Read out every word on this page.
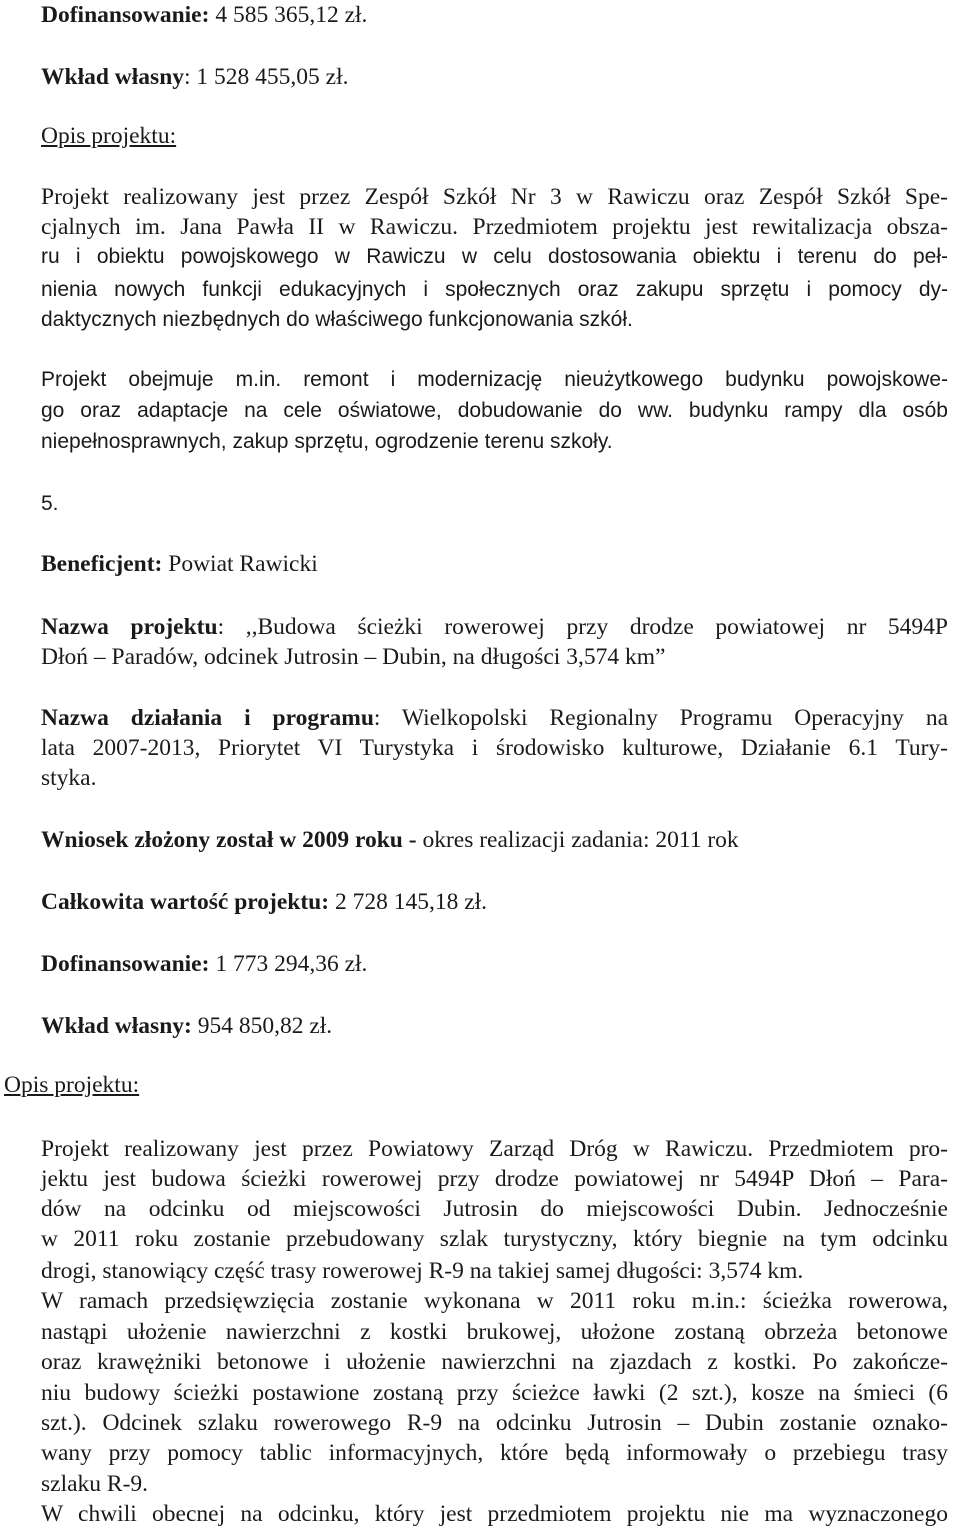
Dofinansowanie: 4 585 365,12 zł.
Wkład własny: 1 528 455,05 zł.
Opis projektu:
Projekt realizowany jest przez Zespół Szkół Nr 3 w Rawiczu oraz Zespół Szkół Spe-
cjalnych im. Jana Pawła II w Rawiczu. Przedmiotem projektu jest rewitalizacja obsza-
ru i obiektu powojskowego w Rawiczu w celu dostosowania obiektu i terenu do peł-
nienia nowych funkcji edukacyjnych i społecznych oraz zakupu sprzętu i pomocy dy-
daktycznych niezbędnych do właściwego funkcjonowania szkół.
Projekt obejmuje m.in. remont i modernizację nieużytkowego budynku powojskowe-
go oraz adaptacje na cele oświatowe, dobudowanie do ww. budynku rampy dla osób
niepełnosprawnych, zakup sprzętu, ogrodzenie terenu szkoły.
5.
Beneficjent: Powiat Rawicki
Nazwa projektu: ,,Budowa ścieżki rowerowej przy drodze powiatowej nr 5494P
Dłoń – Paradów, odcinek Jutrosin – Dubin, na długości 3,574 km”
Nazwa działania i programu: Wielkopolski Regionalny Programu Operacyjny na
lata 2007-2013, Priorytet VI Turystyka i środowisko kulturowe, Działanie 6.1 Tury-
styka.
Wniosek złożony został w 2009 roku - okres realizacji zadania: 2011 rok
Całkowita wartość projektu: 2 728 145,18 zł.
Dofinansowanie: 1 773 294,36 zł.
Wkład własny: 954 850,82 zł.
Opis projektu:
Projekt realizowany jest przez Powiatowy Zarząd Dróg w Rawiczu. Przedmiotem pro-
jektu jest budowa ścieżki rowerowej przy drodze powiatowej nr 5494P Dłoń – Para-
dów na odcinku od miejscowości Jutrosin do miejscowości Dubin. Jednocześnie
w 2011 roku zostanie przebudowany szlak turystyczny, który biegnie na tym odcinku
drogi, stanowiący część trasy rowerowej R-9 na takiej samej długości: 3,574 km.
W ramach przedsięwzięcia zostanie wykonana w 2011 roku m.in.: ścieżka rowerowa,
nastąpi ułożenie nawierzchni z kostki brukowej, ułożone zostaną obrzeża betonowe
oraz krawężniki betonowe i ułożenie nawierzchni na zjazdach z kostki. Po zakończe-
niu budowy ścieżki postawione zostaną przy ścieżce ławki (2 szt.), kosze na śmieci (6
szt.). Odcinek szlaku rowerowego R-9 na odcinku Jutrosin – Dubin zostanie oznako-
wany przy pomocy tablic informacyjnych, które będą informowały o przebiegu trasy
szlaku R-9.
W chwili obecnej na odcinku, który jest przedmiotem projektu nie ma wyznaczonego
